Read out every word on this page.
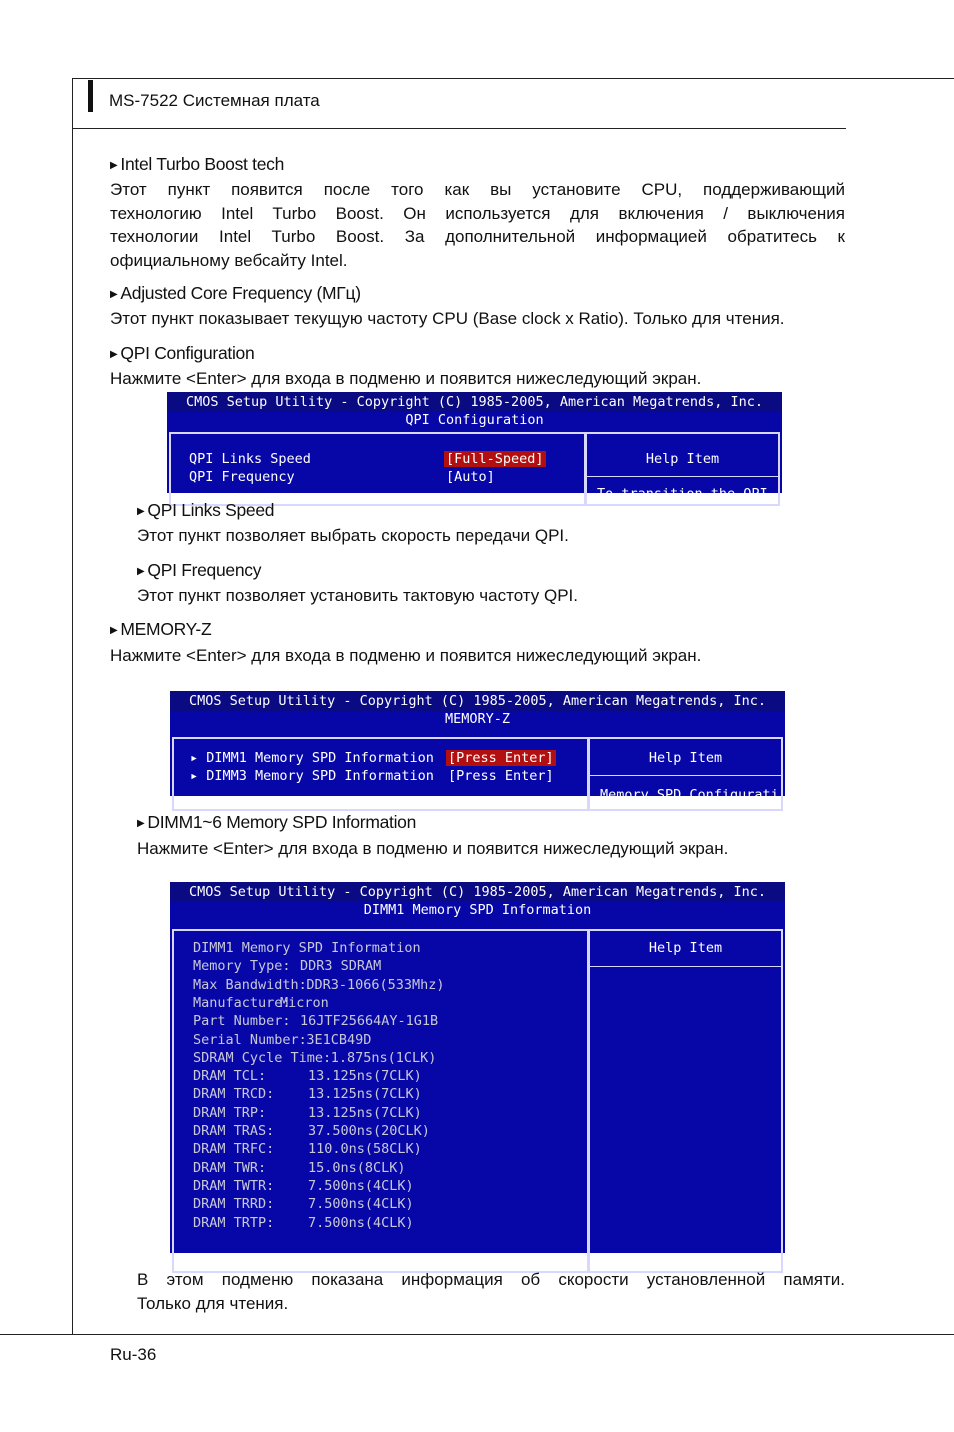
MS-7522 Системная плата
▶ Intel Turbo Boost tech
Этот пункт появится после того как вы установите CPU, поддерживающий
технологию Intel Turbo Boost. Он используется для включения / выключения
технологии Intel Turbo Boost. За дополнительной информацией обратитесь к
официальному вебсайту Intel.
▶ Adjusted Core Frequency (МГц)
Этот пункт показывает текущую частоту CPU (Base clock x Ratio). Только для чтения.
▶ QPI Configuration
Нажмите <Enter> для входа в подменю и появится нижеследующий экран.
CMOS Setup Utility - Copyright (C) 1985-2005, American Megatrends, Inc.
QPI Configuration
QPI Links Speed	[Full-Speed]
QPI Frequency	[Auto]
Help Item
To transition the QPI
▶ QPI Links Speed
Этот пункт позволяет выбрать скорость передачи QPI.
▶ QPI Frequency
Этот пункт позволяет установить тактовую частоту QPI.
▶ MEMORY-Z
Нажмите <Enter> для входа в подменю и появится нижеследующий экран.
CMOS Setup Utility - Copyright (C) 1985-2005, American Megatrends, Inc.
MEMORY-Z
▸ DIMM1 Memory SPD Information [Press Enter]
▸ DIMM3 Memory SPD Information [Press Enter]
Help Item
Memory SPD Configurati
▶ DIMM1~6 Memory SPD Information
Нажмите <Enter> для входа в подменю и появится нижеследующий экран.
CMOS Setup Utility - Copyright (C) 1985-2005, American Megatrends, Inc.
DIMM1 Memory SPD Information
Help Item
DIMM1 Memory SPD Information
Memory Type: DDR3 SDRAM
Max Bandwidth: DDR3-1066(533Mhz)
Manufacture:
Micron
Part Number: 16JTF25664AY-1G1B
Serial Number: 3E1CB49D
SDRAM Cycle Time: 1.875ns(1CLK)
DRAM TCL:	13.125ns(7CLK)
DRAM TRCD: 13.125ns(7CLK)
DRAM TRP:	13.125ns(7CLK)
DRAM TRAS: 37.500ns(20CLK)
DRAM TRFC: 110.0ns(58CLK)
DRAM TWR:	15.0ns(8CLK)
DRAM TWTR: 7.500ns(4CLK)
DRAM TRRD: 7.500ns(4CLK)
DRAM TRTP: 7.500ns(4CLK)
В этом подменю показана информация об скорости установленной памяти.
Только для чтения.
Ru-36
